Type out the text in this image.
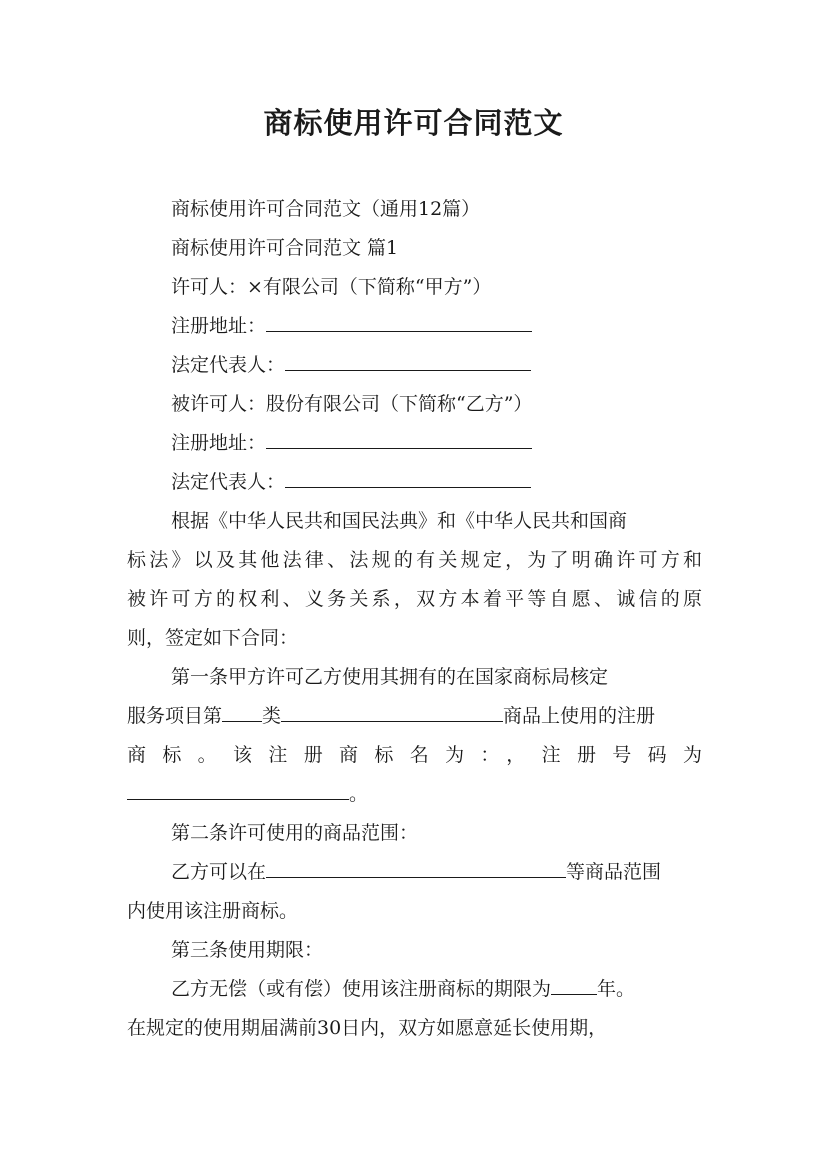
商标使用许可合同范文
商标使用许可合同范文（通用12篇）
商标使用许可合同范文 篇1
许可人：×有限公司（下简称“甲方”）
注册地址：
法定代表人：
被许可人：股份有限公司（下简称“乙方”）
注册地址：
法定代表人：
根据《中华人民共和国民法典》和《中华人民共和国商
标法》以及其他法律、法规的有关规定，为了明确许可方和
被许可方的权利、义务关系，双方本着平等自愿、诚信的原
则，签定如下合同：
第一条甲方许可乙方使用其拥有的在国家商标局核定
服务项目第 类	商品上使用的注册
商标。该注册商标名为：，注册号码为
。
第二条许可使用的商品范围：
乙方可以在	等商品范围
内使用该注册商标。
第三条使用期限：
乙方无偿（或有偿）使用该注册商标的期限为 年。
在规定的使用期届满前30日内，双方如愿意延长使用期，
